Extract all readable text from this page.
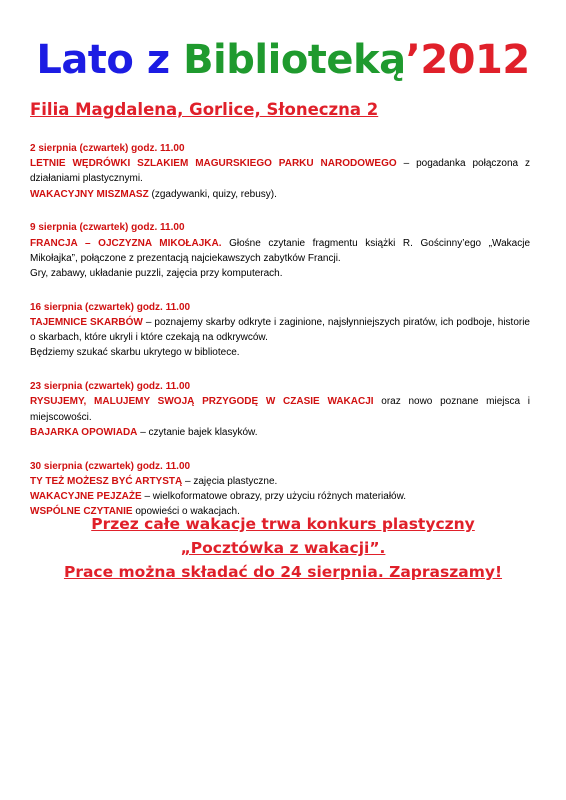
Lato z Biblioteką’2012
Filia Magdalena, Gorlice, Słoneczna 2

2 sierpnia (czwartek) godz. 11.00

LETNIE WĘDRÓWKI SZLAKIEM MAGURSKIEGO PARKU NARODOWEGO – pogadanka połączona z działaniami plastycznymi.

WAKACYJNY MISZMASZ (zgadywanki, quizy, rebusy).

9 sierpnia (czwartek) godz. 11.00

FRANCJA – OJCZYZNA MIKOŁAJKA. Głośne czytanie fragmentu książki R. Gościnny’ego „Wakacje Mikołajka”, połączone z prezentacją najciekawszych zabytków Francji.

Gry, zabawy, układanie puzzli, zajęcia przy komputerach.

16 sierpnia (czwartek) godz. 11.00

TAJEMNICE SKARBÓW – poznajemy skarby odkryte i zaginione, najsłynniejszych piratów, ich podboje, historie o skarbach, które ukryli i które czekają na odkrywców.

Będziemy szukać skarbu ukrytego w bibliotece.

23 sierpnia (czwartek) godz. 11.00

RYSUJEMY, MALUJEMY SWOJĄ PRZYGODĘ W CZASIE WAKACJI oraz nowo poznane miejsca i miejscowości.

BAJARKA OPOWIADA – czytanie bajek klasyków.

30 sierpnia (czwartek) godz. 11.00

TY TEŻ MOŻESZ BYĆ ARTYSTĄ – zajęcia plastyczne.

WAKACYJNE PEJZAŻE – wielkoformatowe obrazy, przy użyciu różnych materiałów.

WSPÓLNE CZYTANIE opowieści o wakacjach.

Przez całe wakacje trwa konkurs plastyczny
„Pocztówka z wakacji”.
Prace można składać do 24 sierpnia. Zapraszamy!
